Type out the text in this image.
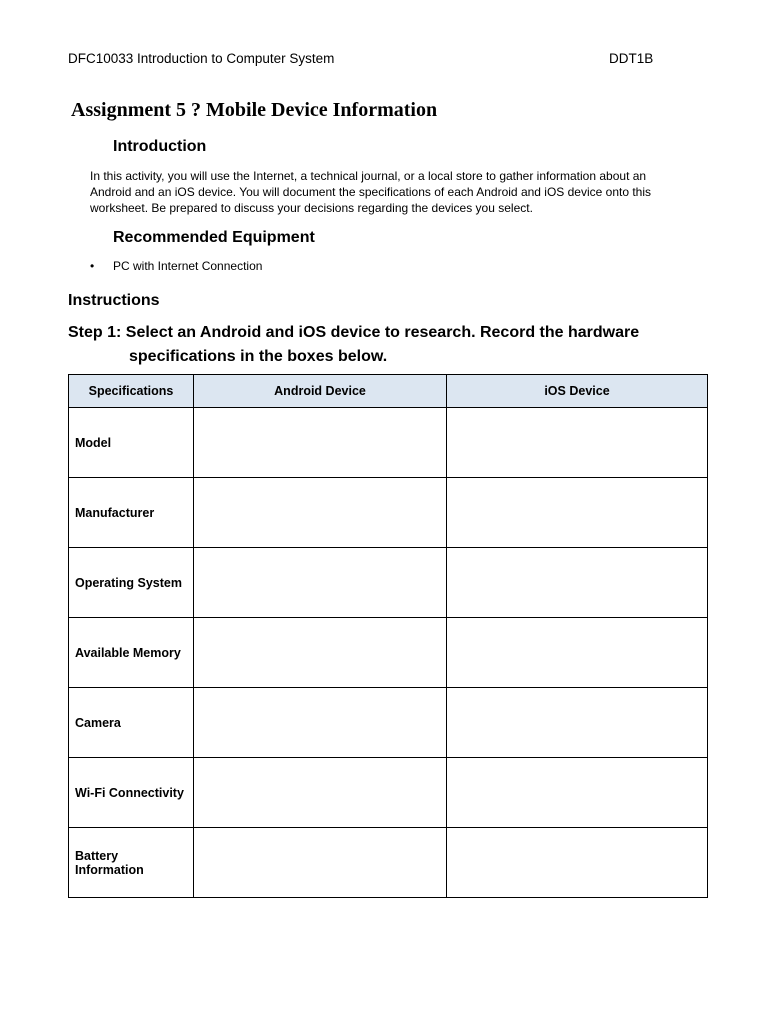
DFC10033 Introduction to Computer System	DDT1B
Assignment 5 ? Mobile Device Information
Introduction

In this activity, you will use the Internet, a technical journal, or a local store to gather information about an Android and an iOS device. You will document the specifications of each Android and iOS device onto this worksheet. Be prepared to discuss your decisions regarding the devices you select.

Recommended Equipment
• PC with Internet Connection
Instructions

Step 1: Select an Android and iOS device to research. Record the hardware
specifications in the boxes below.

Specifications	Android Device	iOS Device
Model		
Manufacturer		
Operating System		
Available Memory		
Camera		
Wi-Fi Connectivity		
Battery Information		
